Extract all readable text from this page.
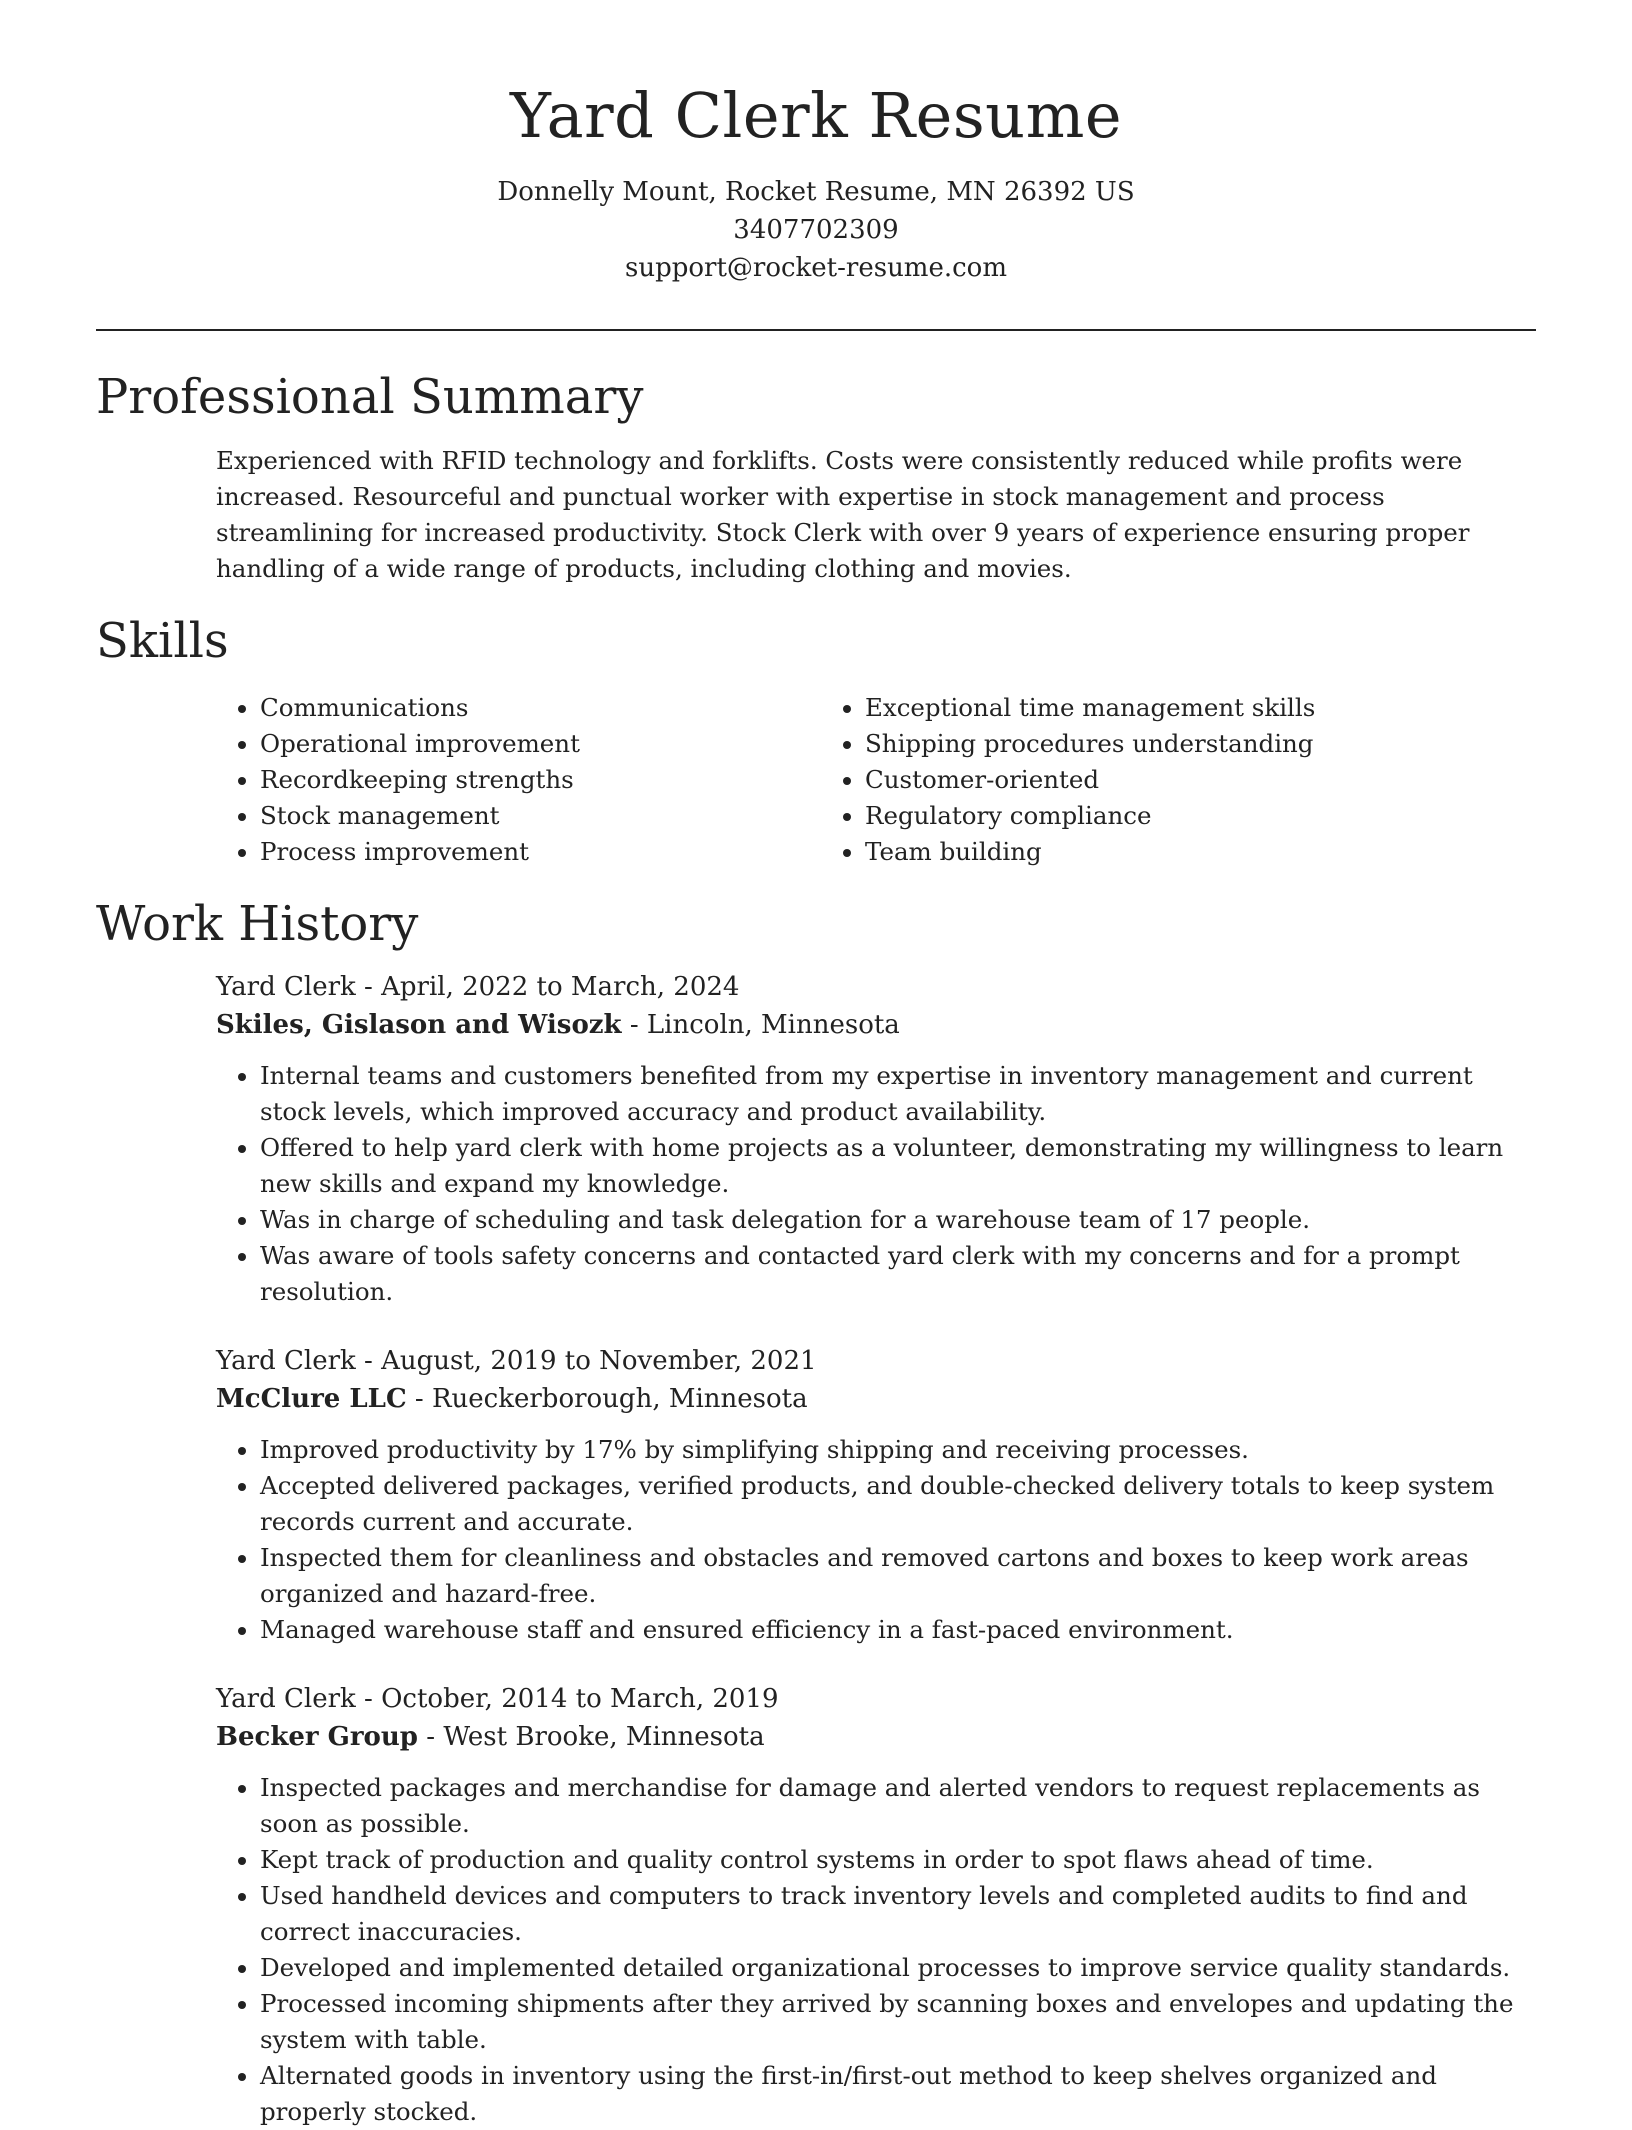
Yard Clerk Resume
Donnelly Mount, Rocket Resume, MN 26392 US
3407702309
support@rocket-resume.com
Professional Summary
Experienced with RFID technology and forklifts. Costs were consistently reduced while profits were increased. Resourceful and punctual worker with expertise in stock management and process streamlining for increased productivity. Stock Clerk with over 9 years of experience ensuring proper handling of a wide range of products, including clothing and movies.
Skills
• Communications
• Operational improvement
• Recordkeeping strengths
• Stock management
• Process improvement
• Exceptional time management skills
• Shipping procedures understanding
• Customer-oriented
• Regulatory compliance
• Team building
Work History
Yard Clerk - April, 2022 to March, 2024
Skiles, Gislason and Wisozk - Lincoln, Minnesota
• Internal teams and customers benefited from my expertise in inventory management and current stock levels, which improved accuracy and product availability.
• Offered to help yard clerk with home projects as a volunteer, demonstrating my willingness to learn new skills and expand my knowledge.
• Was in charge of scheduling and task delegation for a warehouse team of 17 people.
• Was aware of tools safety concerns and contacted yard clerk with my concerns and for a prompt resolution.
Yard Clerk - August, 2019 to November, 2021
McClure LLC - Rueckerborough, Minnesota
• Improved productivity by 17% by simplifying shipping and receiving processes.
• Accepted delivered packages, verified products, and double-checked delivery totals to keep system records current and accurate.
• Inspected them for cleanliness and obstacles and removed cartons and boxes to keep work areas organized and hazard-free.
• Managed warehouse staff and ensured efficiency in a fast-paced environment.
Yard Clerk - October, 2014 to March, 2019
Becker Group - West Brooke, Minnesota
• Inspected packages and merchandise for damage and alerted vendors to request replacements as soon as possible.
• Kept track of production and quality control systems in order to spot flaws ahead of time.
• Used handheld devices and computers to track inventory levels and completed audits to find and correct inaccuracies.
• Developed and implemented detailed organizational processes to improve service quality standards.
• Processed incoming shipments after they arrived by scanning boxes and envelopes and updating the system with table.
• Alternated goods in inventory using the first-in/first-out method to keep shelves organized and properly stocked.
